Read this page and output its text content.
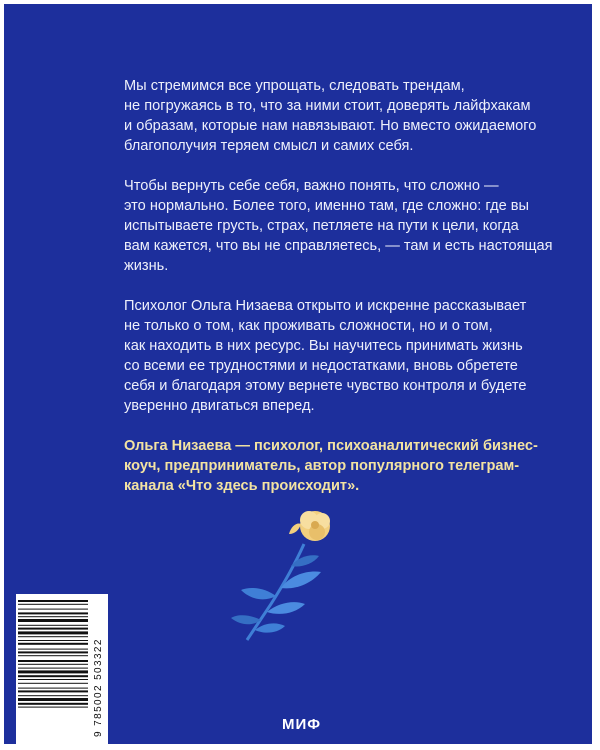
Мы стремимся все упрощать, следовать трендам,
не погружаясь в то, что за ними стоит, доверять лайфхакам
и образам, которые нам навязывают. Но вместо ожидаемого
благополучия теряем смысл и самих себя.

Чтобы вернуть себе себя, важно понять, что сложно —
это нормально. Более того, именно там, где сложно: где вы
испытываете грусть, страх, петляете на пути к цели, когда
вам кажется, что вы не справляетесь, — там и есть настоящая
жизнь.

Психолог Ольга Низаева открыто и искренне рассказывает
не только о том, как проживать сложности, но и о том,
как находить в них ресурс. Вы научитесь принимать жизнь
со всеми ее трудностями и недостатками, вновь обретете
себя и благодаря этому вернете чувство контроля и будете
уверенно двигаться вперед.

Ольга Низаева — психолог, психоаналитический бизнес-
коуч, предприниматель, автор популярного телеграм-
канала «Что здесь происходит».

9 785002 503322	МИФ
